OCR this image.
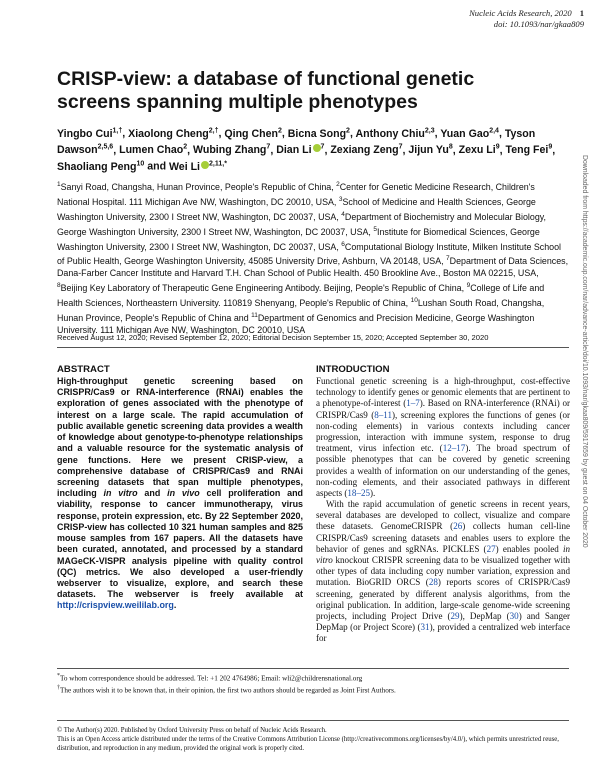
Nucleic Acids Research, 2020 1
doi: 10.1093/nar/gkaa809
CRISP-view: a database of functional genetic screens spanning multiple phenotypes
Yingbo Cui$^{1,\dagger}$, Xiaolong Cheng$^{2,\dagger}$, Qing Chen$^2$, Bicna Song$^2$, Anthony Chiu$^{2,3}$, Yuan Gao$^{2,4}$, Tyson Dawson$^{2,5,6}$, Lumen Chao$^2$, Wubing Zhang$^7$, Dian Li $^7$, Zexiang Zeng$^7$, Jijun Yu$^8$, Zexu Li$^9$, Teng Fei$^9$, Shaoliang Peng$^{10}$ and Wei Li $^{2,11,*}$
$^1$Sanyi Road, Changsha, Hunan Province, People's Republic of China, $^2$Center for Genetic Medicine Research, Children's National Hospital. 111 Michigan Ave NW, Washington, DC 20010, USA, $^3$School of Medicine and Health Sciences, George Washington University, 2300 I Street NW, Washington, DC 20037, USA, $^4$Department of Biochemistry and Molecular Biology, George Washington University, 2300 I Street NW, Washington, DC 20037, USA, $^5$Institute for Biomedical Sciences, George Washington University, 2300 I Street NW, Washington, DC 20037, USA, $^6$Computational Biology Institute, Milken Institute School of Public Health, George Washington University, 45085 University Drive, Ashburn, VA 20148, USA, $^7$Department of Data Sciences, Dana-Farber Cancer Institute and Harvard T.H. Chan School of Public Health. 450 Brookline Ave., Boston MA 02215, USA, $^8$Beijing Key Laboratory of Therapeutic Gene Engineering Antibody. Beijing, People's Republic of China, $^9$College of Life and Health Sciences, Northeastern University. 110819 Shenyang, People's Republic of China, $^{10}$Lushan South Road, Changsha, Hunan Province, People's Republic of China and $^{11}$Department of Genomics and Precision Medicine, George Washington University. 111 Michigan Ave NW, Washington, DC 20010, USA
Received August 12, 2020; Revised September 12, 2020; Editorial Decision September 15, 2020; Accepted September 30, 2020
ABSTRACT
High-throughput genetic screening based on CRISPR/Cas9 or RNA-interference (RNAi) enables the exploration of genes associated with the phenotype of interest on a large scale. The rapid accumulation of public available genetic screening data provides a wealth of knowledge about genotype-to-phenotype relationships and a valuable resource for the systematic analysis of gene functions. Here we present CRISP-view, a comprehensive database of CRISPR/Cas9 and RNAi screening datasets that span multiple phenotypes, including in vitro and in vivo cell proliferation and viability, response to cancer immunotherapy, virus response, protein expression, etc. By 22 September 2020, CRISP-view has collected 10 321 human samples and 825 mouse samples from 167 papers. All the datasets have been curated, annotated, and processed by a standard MAGeCK-VISPR analysis pipeline with quality control (QC) metrics. We also developed a user-friendly webserver to visualize, explore, and search these datasets. The webserver is freely available at http://crispview.weililab.org.
INTRODUCTION

Functional genetic screening is a high-throughput, cost-effective technology to identify genes or genomic elements that are pertinent to a phenotype-of-interest (1–7). Based on RNA-interference (RNAi) or CRISPR/Cas9 (8–11), screening explores the functions of genes (or non-coding elements) in various contexts including cancer progression, interaction with immune system, response to drug treatment, virus infection etc. (12–17). The broad spectrum of possible phenotypes that can be covered by genetic screening provides a wealth of information on our understanding of the genes, non-coding elements, and their associated pathways in different aspects (18–25).

With the rapid accumulation of genetic screens in recent years, several databases are developed to collect, visualize and compare these datasets. GenomeCRISPR (26) collects human cell-line CRISPR/Cas9 screening datasets and enables users to explore the behavior of genes and sgRNAs. PICKLES (27) enables pooled in vitro knockout CRISPR screening data to be visualized together with other types of data including copy number variation, expression and mutation. BioGRID ORCS (28) reports scores of CRISPR/Cas9 screening, generated by different analysis algorithms, from the original publication. In addition, large-scale genome-wide screening projects, including Project Drive (29), DepMap (30) and Sanger DepMap (or Project Score) (31), provided a centralized web interface for

*To whom correspondence should be addressed. Tel: +1 202 4764986; Email: wli2@childrensnational.org
†The authors wish it to be known that, in their opinion, the first two authors should be regarded as Joint First Authors.
© The Author(s) 2020. Published by Oxford University Press on behalf of Nucleic Acids Research.
This is an Open Access article distributed under the terms of the Creative Commons Attribution License (http://creativecommons.org/licenses/by/4.0/), which permits unrestricted reuse, distribution, and reproduction in any medium, provided the original work is properly cited.
Downloaded from https://academic.oup.com/nar/advance-article/doi/10.1093/nar/gkaa809/5917659 by guest on 04 October 2020
